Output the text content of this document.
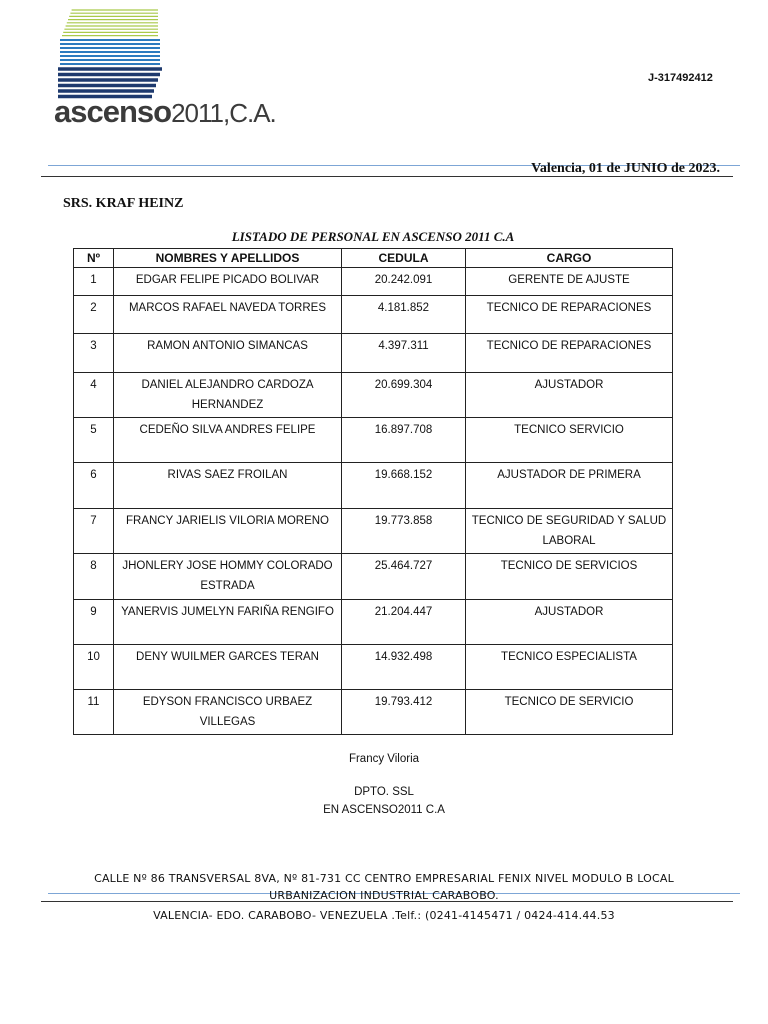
ascenso2011,C.A.
J-317492412
Valencia, 01 de JUNIO de 2023.
SRS. KRAF HEINZ
LISTADO DE PERSONAL EN ASCENSO 2011 C.A
Nº	NOMBRES Y APELLIDOS	CEDULA	CARGO

1	EDGAR FELIPE PICADO BOLIVAR	20.242.091	GERENTE DE AJUSTE

2	MARCOS RAFAEL NAVEDA TORRES	4.181.852	TECNICO DE REPARACIONES

3	RAMON ANTONIO SIMANCAS	4.397.311	TECNICO DE REPARACIONES

4	DANIEL ALEJANDRO CARDOZA HERNANDEZ	20.699.304	AJUSTADOR

5	CEDEÑO SILVA ANDRES FELIPE	16.897.708	TECNICO SERVICIO

6	RIVAS SAEZ FROILAN	19.668.152	AJUSTADOR DE PRIMERA

7	FRANCY JARIELIS VILORIA MORENO	19.773.858	TECNICO DE SEGURIDAD Y SALUD LABORAL

8	JHONLERY JOSE HOMMY COLORADO ESTRADA	25.464.727	TECNICO DE SERVICIOS

9	YANERVIS JUMELYN FARIÑA RENGIFO	21.204.447	AJUSTADOR

10	DENY WUILMER GARCES TERAN	14.932.498	TECNICO ESPECIALISTA

11	EDYSON FRANCISCO URBAEZ VILLEGAS	19.793.412	TECNICO DE SERVICIO
Francy Viloria
DPTO. SSL
EN ASCENSO2011 C.A
CALLE Nº 86 TRANSVERSAL 8VA, Nº 81-731 CC CENTRO EMPRESARIAL FENIX NIVEL MODULO B LOCAL
URBANIZACION INDUSTRIAL CARABOBO.
VALENCIA- EDO. CARABOBO- VENEZUELA .Telf.: (0241-4145471 / 0424-414.44.53
